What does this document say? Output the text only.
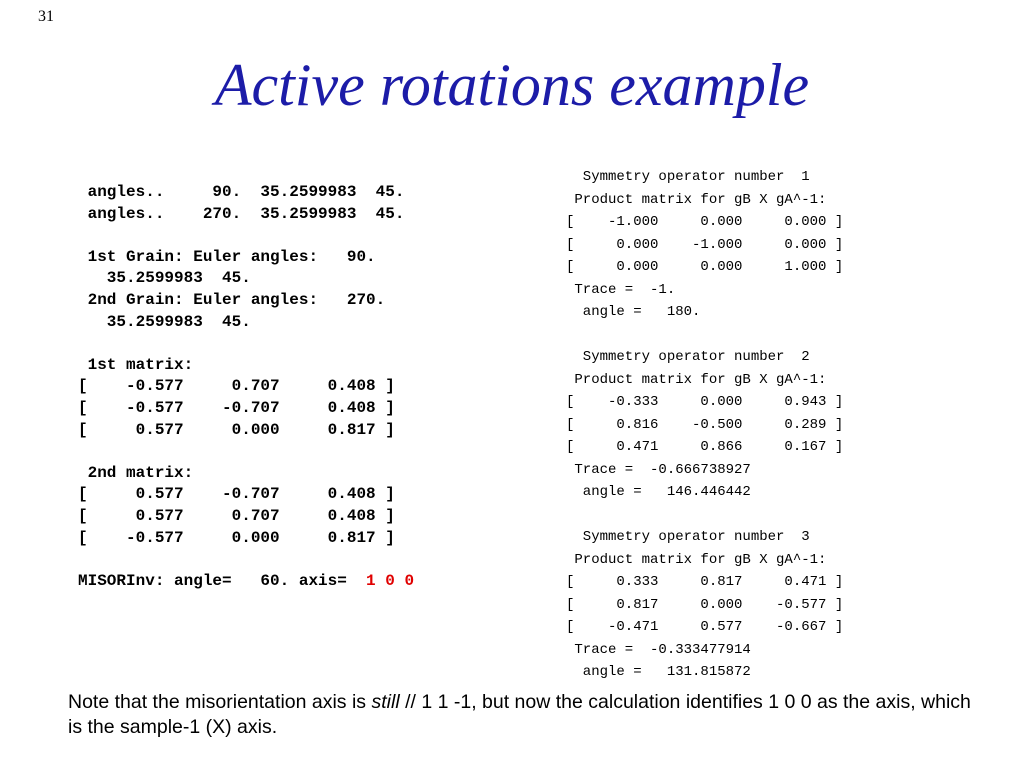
31
Active rotations example
angles..     90.  35.2599983  45.
angles..    270.  35.2599983  45.
1st Grain: Euler angles:   90.
35.2599983  45.
2nd Grain: Euler angles:   270.
35.2599983  45.
1st matrix:
[    -0.577     0.707     0.408 ]
[    -0.577    -0.707     0.408 ]
[     0.577     0.000     0.817 ]
2nd matrix:
[     0.577    -0.707     0.408 ]
[     0.577     0.707     0.408 ]
[    -0.577     0.000     0.817 ]
MISORInv: angle=   60. axis=  1 0 0
Symmetry operator number  1
Product matrix for gB X gA^-1:
[    -1.000     0.000     0.000 ]
[     0.000    -1.000     0.000 ]
[     0.000     0.000     1.000 ]
Trace =  -1.
angle =   180.
Symmetry operator number  2
Product matrix for gB X gA^-1:
[    -0.333     0.000     0.943 ]
[     0.816    -0.500     0.289 ]
[     0.471     0.866     0.167 ]
Trace =  -0.666738927
angle =   146.446442
Symmetry operator number  3
Product matrix for gB X gA^-1:
[     0.333     0.817     0.471 ]
[     0.817     0.000    -0.577 ]
[    -0.471     0.577    -0.667 ]
Trace =  -0.333477914
angle =   131.815872
Note that the misorientation axis is still // 1 1 -1, but now the calculation identifies 1 0 0 as the axis, which is the sample-1 (X) axis.
